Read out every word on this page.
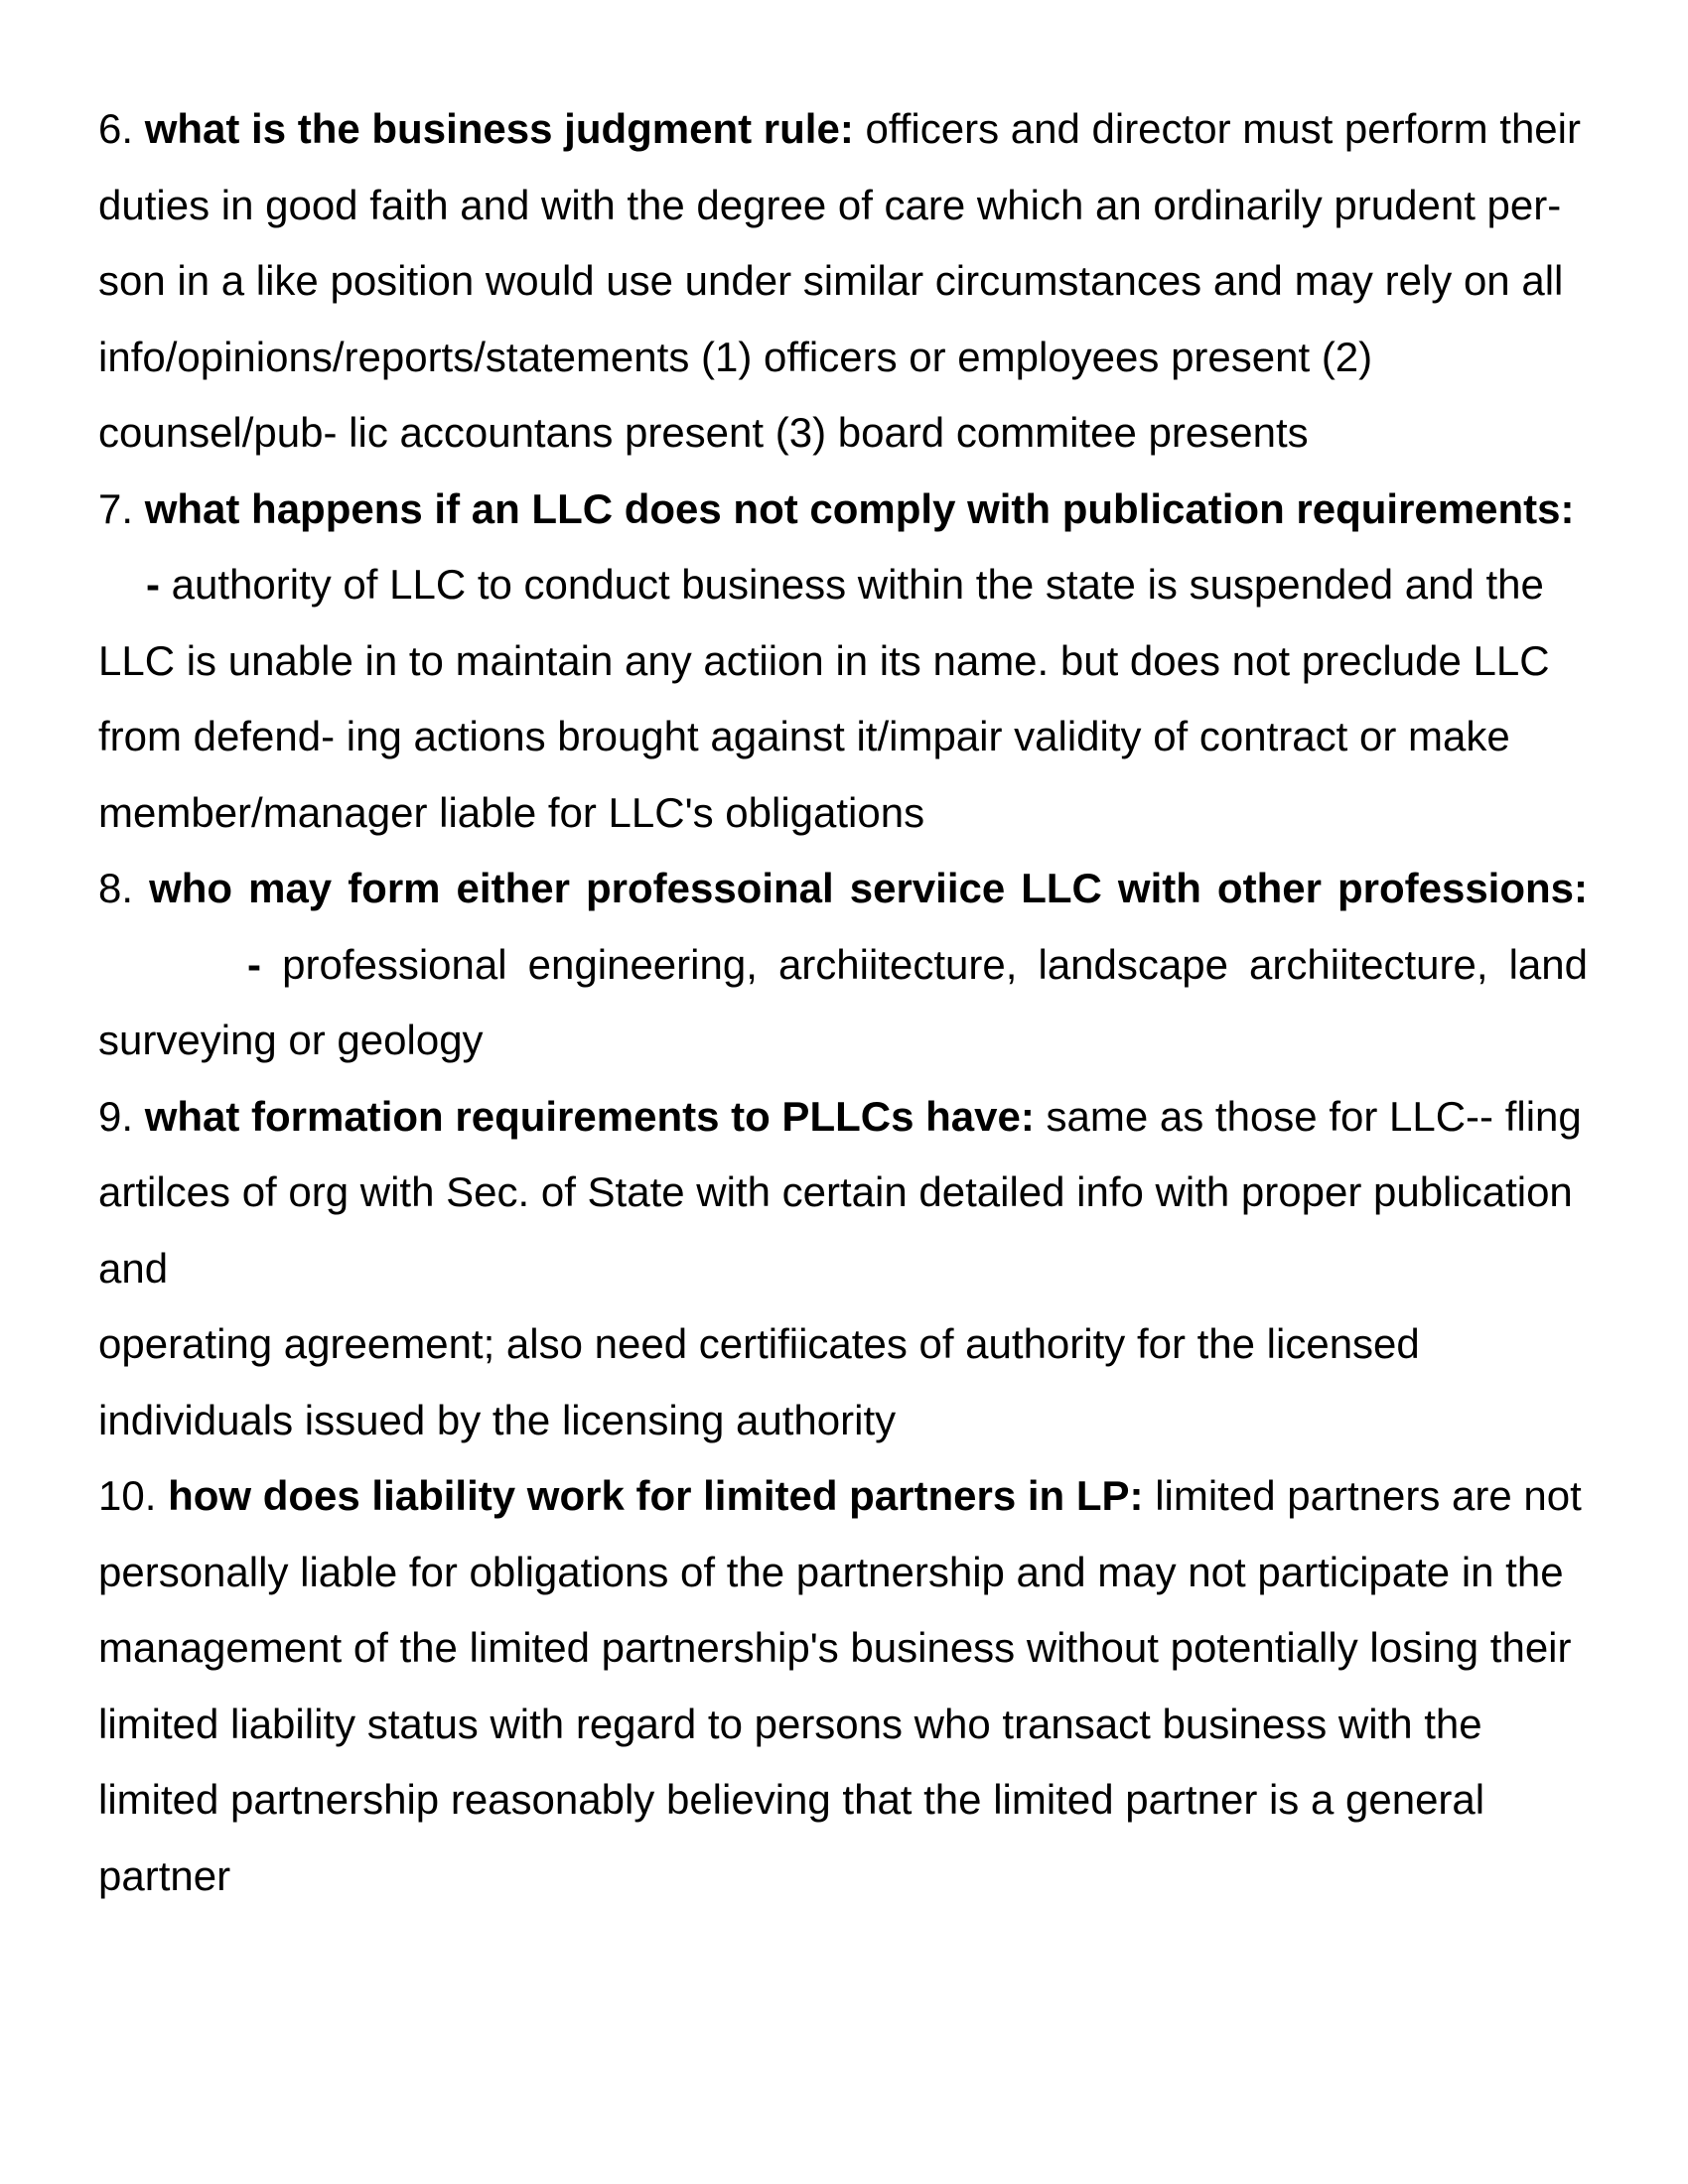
6. what is the business judgment rule: officers and director must perform their duties in good faith and with the degree of care which an ordinarily prudent per- son in a like position would use under similar circumstances and may rely on all info/opinions/reports/statements (1) officers or employees present (2) counsel/pub- lic accountans present (3) board commitee presents

7. what happens if an LLC does not comply with publication requirements:- authority of LLC to conduct business within the state is suspended and the LLC is unable in to maintain any actiion in its name. but does not preclude LLC from defend- ing actions brought against it/impair validity of contract or make member/manager liable for LLC's obligations

8. who may form either professoinal serviice LLC with other professions:- professional engineering, archiitecture, landscape archiitecture, land surveying or geology

9. what formation requirements to PLLCs have: same as those for LLC-- fling artilces of org with Sec. of State with certain detailed info with proper publication and
operating agreement; also need certifiicates of authority for the licensed individuals issued by the licensing authority

10. how does liability work for limited partners in LP: limited partners are not personally liable for obligations of the partnership and may not participate in the management of the limited partnership's business without potentially losing their limited liability status with regard to persons who transact business with the limited partnership reasonably believing that the limited partner is a general partner
